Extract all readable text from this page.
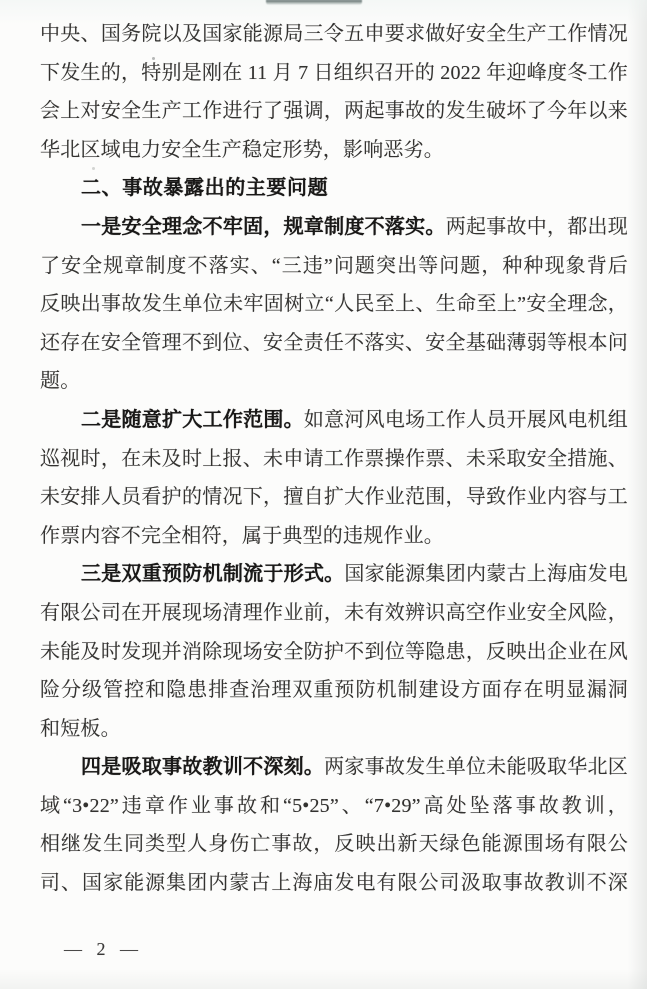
中央、国务院以及国家能源局三令五申要求做好安全生产工作情况
下发生的，特别是刚在 11 月 7 日组织召开的 2022 年迎峰度冬工作
会上对安全生产工作进行了强调，两起事故的发生破坏了今年以来
华北区域电力安全生产稳定形势，影响恶劣。
二、事故暴露出的主要问题
一是安全理念不牢固，规章制度不落实。两起事故中，都出现
了安全规章制度不落实、“三违”问题突出等问题，种种现象背后
反映出事故发生单位未牢固树立“人民至上、生命至上”安全理念，
还存在安全管理不到位、安全责任不落实、安全基础薄弱等根本问
题。
二是随意扩大工作范围。如意河风电场工作人员开展风电机组
巡视时，在未及时上报、未申请工作票操作票、未采取安全措施、
未安排人员看护的情况下，擅自扩大作业范围，导致作业内容与工
作票内容不完全相符，属于典型的违规作业。
三是双重预防机制流于形式。国家能源集团内蒙古上海庙发电
有限公司在开展现场清理作业前，未有效辨识高空作业安全风险，
未能及时发现并消除现场安全防护不到位等隐患，反映出企业在风
险分级管控和隐患排查治理双重预防机制建设方面存在明显漏洞
和短板。
四是吸取事故教训不深刻。两家事故发生单位未能吸取华北区
域“3•22”违章作业事故和“5•25”、“7•29”高处坠落事故教训，
相继发生同类型人身伤亡事故，反映出新天绿色能源围场有限公
司、国家能源集团内蒙古上海庙发电有限公司汲取事故教训不深
— 2 —
